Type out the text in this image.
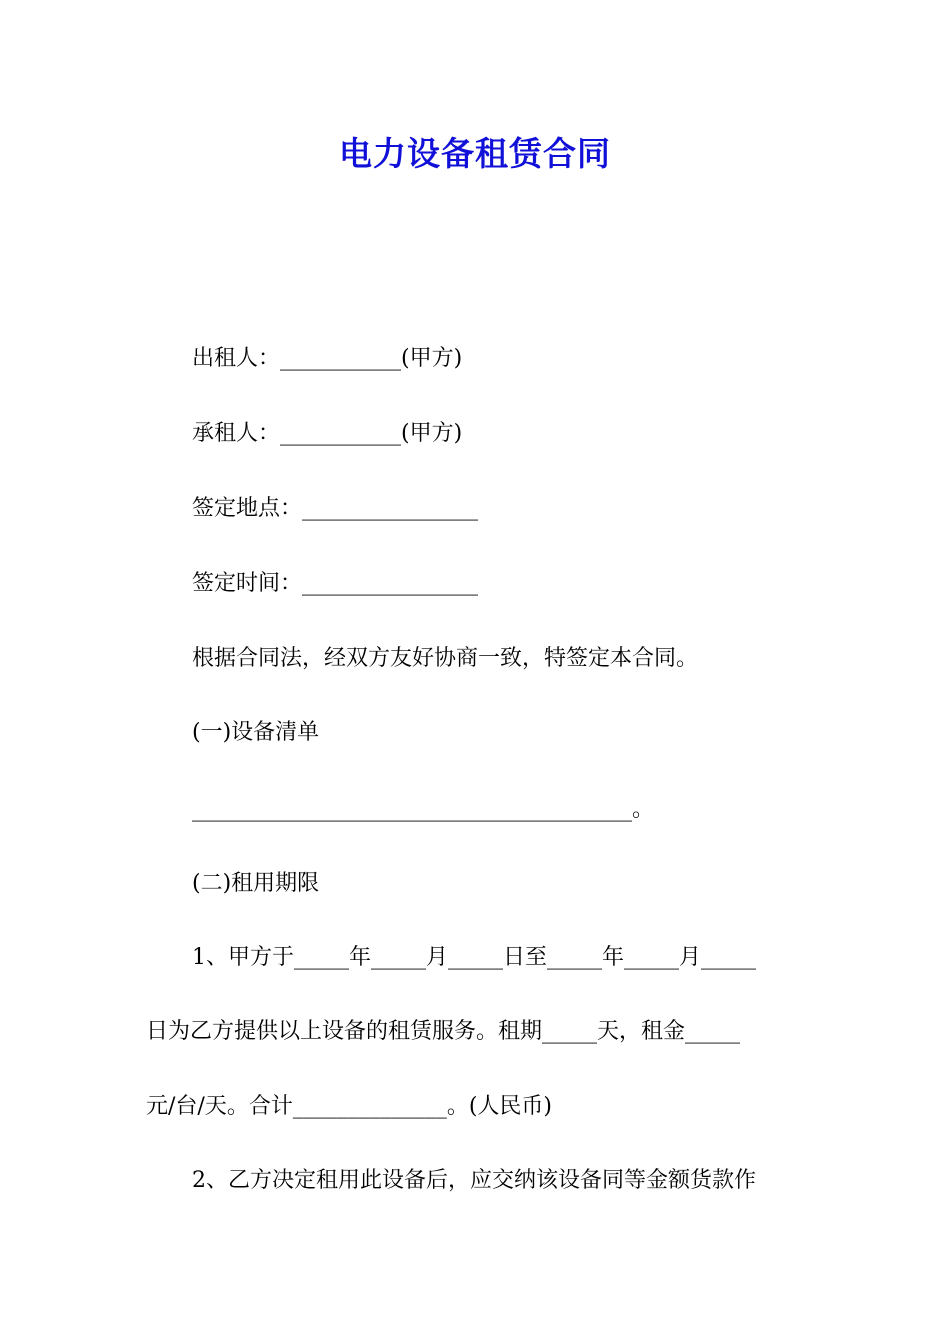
电力设备租赁合同
出租人：___________(甲方)
承租人：___________(甲方)
签定地点：________________
签定时间：________________
根据合同法，经双方友好协商一致，特签定本合同。
(一)设备清单
________________________________________。
(二)租用期限
1、甲方于_____年_____月_____日至_____年_____月_____
日为乙方提供以上设备的租赁服务。租期_____天，租金_____
元/台/天。合计______________。(人民币)
2、乙方决定租用此设备后，应交纳该设备同等金额货款作
